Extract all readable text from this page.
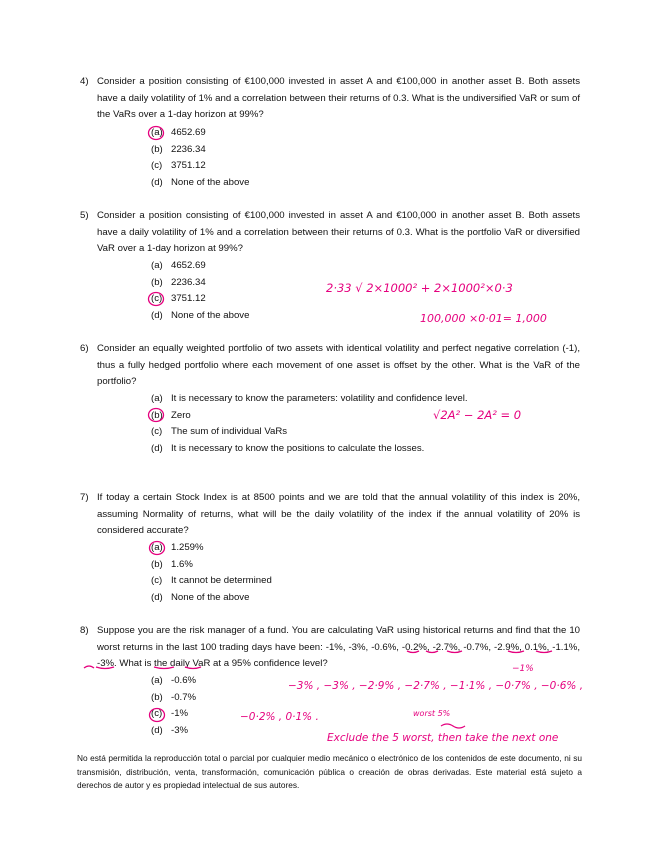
4) Consider a position consisting of €100,000 invested in asset A and €100,000 in another asset B. Both assets have a daily volatility of 1% and a correlation between their returns of 0.3. What is the undiversified VaR or sum of the VaRs over a 1-day horizon at 99%?
(a) 4652.69
(b) 2236.34
(c) 3751.12
(d) None of the above
5) Consider a position consisting of €100,000 invested in asset A and €100,000 in another asset B. Both assets have a daily volatility of 1% and a correlation between their returns of 0.3. What is the portfolio VaR or diversified VaR over a 1-day horizon at 99%?
(a) 4652.69
(b) 2236.34
(c) 3751.12
(d) None of the above
6) Consider an equally weighted portfolio of two assets with identical volatility and perfect negative correlation (-1), thus a fully hedged portfolio where each movement of one asset is offset by the other. What is the VaR of the portfolio?
(a) It is necessary to know the parameters: volatility and confidence level.
(b) Zero
(c) The sum of individual VaRs
(d) It is necessary to know the positions to calculate the losses.
7) If today a certain Stock Index is at 8500 points and we are told that the annual volatility of this index is 20%, assuming Normality of returns, what will be the daily volatility of the index if the annual volatility of 20% is considered accurate?
(a) 1.259%
(b) 1.6%
(c) It cannot be determined
(d) None of the above
8) Suppose you are the risk manager of a fund. You are calculating VaR using historical returns and find that the 10 worst returns in the last 100 trading days have been: -1%, -3%, -0.6%, -0.2%, -2.7%, -0.7%, -2.9%, 0.1%, -1.1%, -3%. What is the daily VaR at a 95% confidence level?
(a) -0.6%
(b) -0.7%
(c) -1%
(d) -3%
No está permitida la reproducción total o parcial por cualquier medio mecánico o electrónico de los contenidos de este documento, ni su transmisión, distribución, venta, transformación, comunicación pública o creación de obras derivadas. Este material está sujeto a derechos de autor y es propiedad intelectual de sus autores.
2·33 √ 2×1000² + 2×1000²×0·3
100,000 ×0·01= 1,000
√2A² − 2A² = 0
−1%
−3% , −3% , −2·9% , −2·7% , −1·1% , −0·7% , −0·6% ,
−0·2% , 0·1% .	worst 5%
Exclude the 5 worst, then take the next one
